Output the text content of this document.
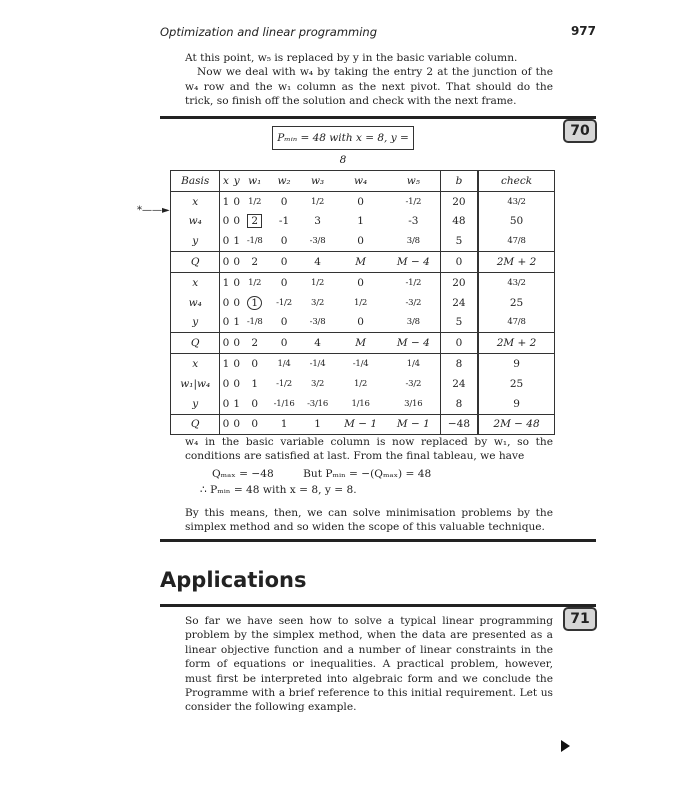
Optimization and linear programming	977

At this point, w₅ is replaced by y in the basic variable column.

Now we deal with w₄ by taking the entry 2 at the junction of the w₄ row and the w₁ column as the next pivot. That should do the trick, so finish off the solution and check with the next frame.

70
Pₘᵢₙ = 48 with x = 8, y = 8
*——►
Basis	x	y	w₁	w₂	w₃	w₄	w₅	b	check
x	1	0	1/2	0	1/2	0	-1/2	20	43/2
w₄	0	0	2	-1	3	1	-3	48	50
y	0	1	-1/8	0	-3/8	0	3/8	5	47/8
Q	0	0	2	0	4	M	M − 4	0	2M + 2
x	1	0	1/2	0	1/2	0	-1/2	20	43/2
w₄	0	0	1	-1/2	3/2	1/2	-3/2	24	25
y	0	1	-1/8	0	-3/8	0	3/8	5	47/8
Q	0	0	2	0	4	M	M − 4	0	2M + 2
x	1	0	0	1/4	-1/4	-1/4	1/4	8	9
w₁|w₄	0	0	1	-1/2	3/2	1/2	-3/2	24	25
y	0	1	0	-1/16	-3/16	1/16	3/16	8	9
Q	0	0	0	1	1	M − 1	M − 1	−48	2M − 48

w₄ in the basic variable column is now replaced by w₁, so the conditions are satisfied at last. From the final tableau, we have

Qₘₐₓ = −48	But Pₘᵢₙ = −(Qₘₐₓ) = 48
∴ Pₘᵢₙ = 48 with x = 8, y = 8.
By this means, then, we can solve minimisation problems by the simplex method and so widen the scope of this valuable technique.
Applications
71
So far we have seen how to solve a typical linear programming problem by the simplex method, when the data are presented as a linear objective function and a number of linear constraints in the form of equations or inequalities. A practical problem, however, must first be interpreted into algebraic form and we conclude the Programme with a brief reference to this initial requirement. Let us consider the following example.
